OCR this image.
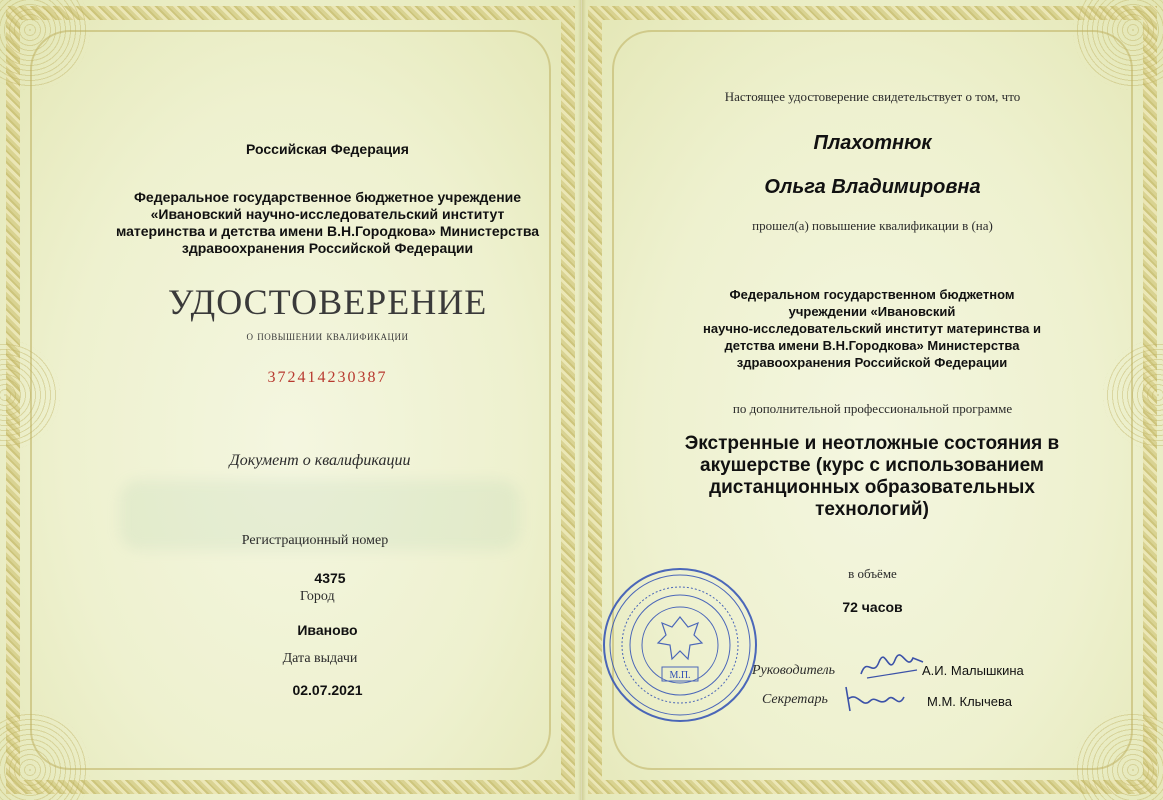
Российская Федерация
Федеральное государственное бюджетное учреждение
«Ивановский научно-исследовательский институт
материнства и детства имени В.Н.Городкова» Министерства
здравоохранения Российской Федерации
УДОСТОВЕРЕНИЕ
о повышении квалификации
372414230387
Документ о квалификации
Регистрационный номер
4375
Город
Иваново
Дата выдачи
02.07.2021
Настоящее удостоверение свидетельствует о том, что
Плахотнюк
Ольга Владимировна
прошел(а) повышение квалификации в (на)
Федеральном государственном бюджетном
учреждении «Ивановский
научно-исследовательский институт материнства и
детства имени В.Н.Городкова» Министерства
здравоохранения Российской Федерации
по дополнительной профессиональной программе
Экстренные и неотложные состояния в
акушерстве (курс с использованием
дистанционных образовательных
технологий)
в объёме
72 часов
М.П.	Руководитель	А.И. Малышкина
Секретарь	М.М. Клычева
